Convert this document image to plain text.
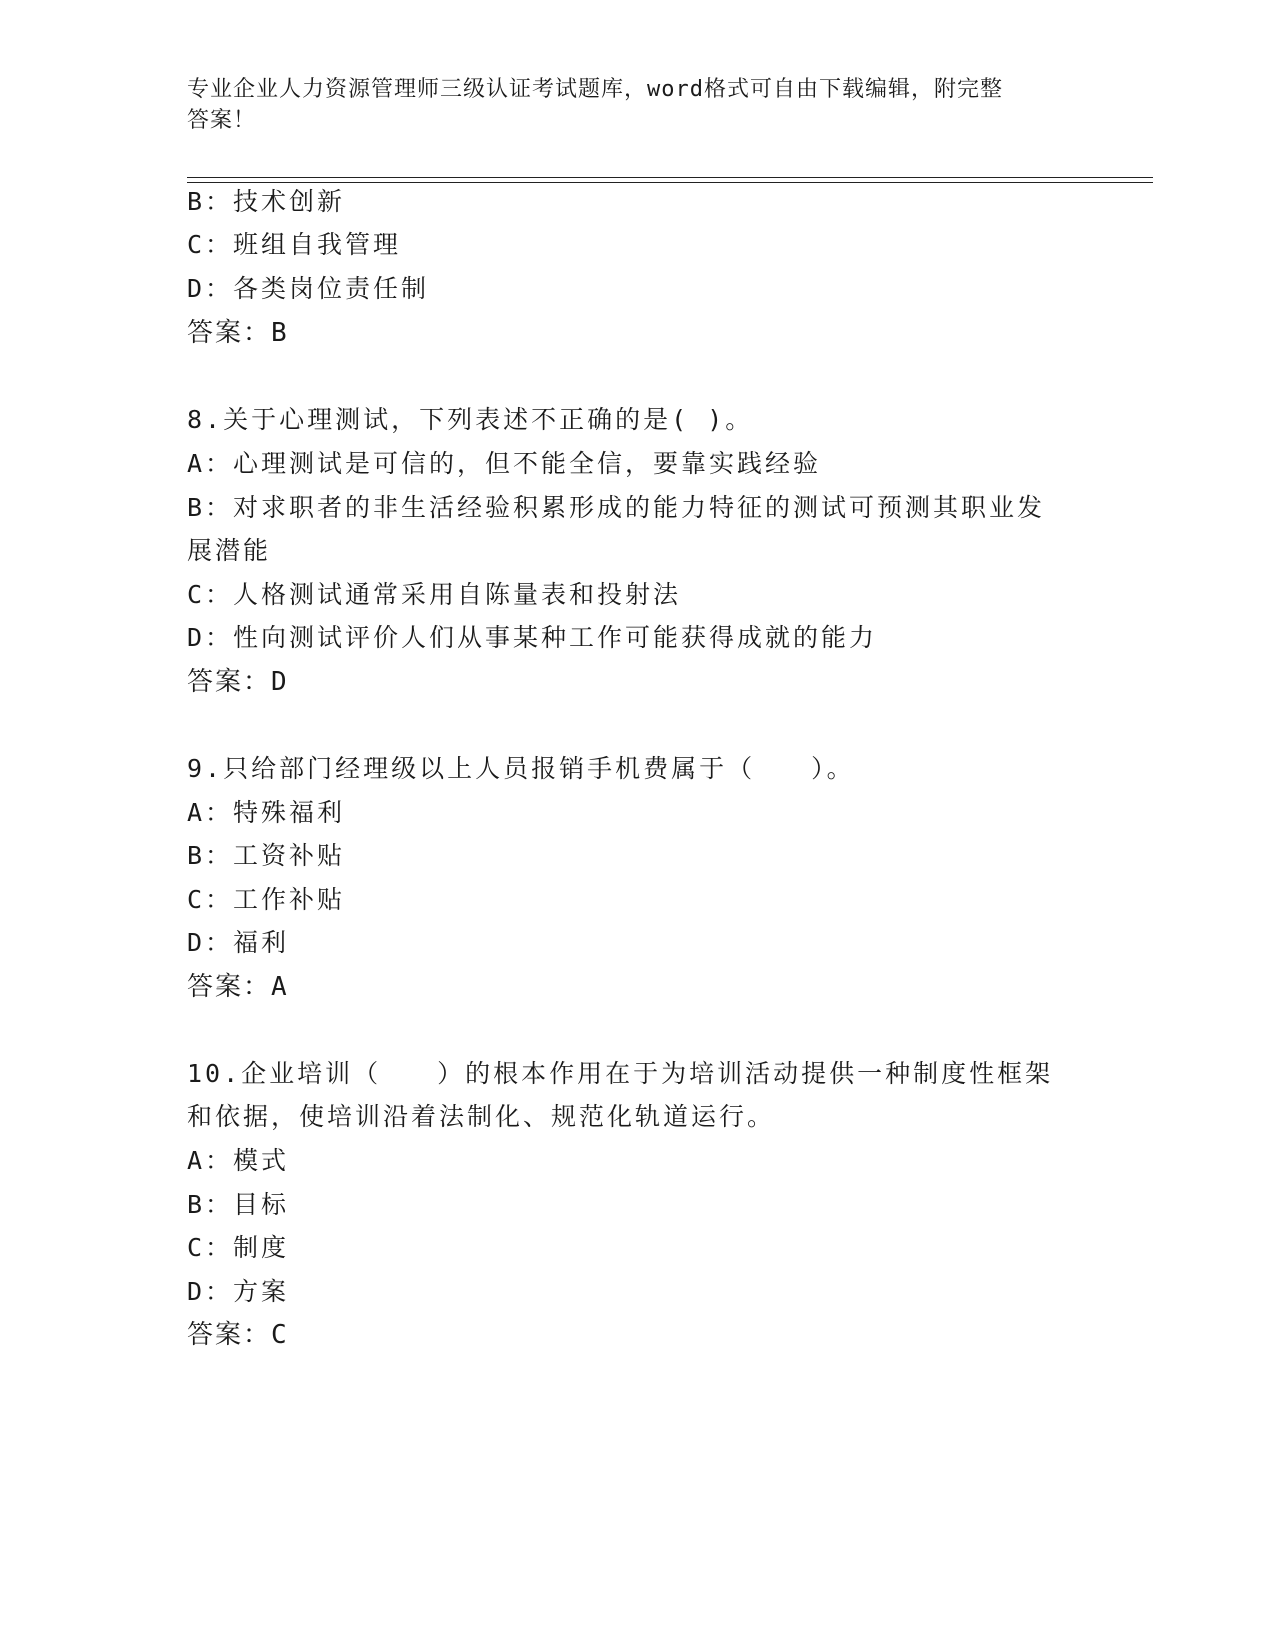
专业企业人力资源管理师三级认证考试题库，word格式可自由下载编辑，附完整
答案！
B：技术创新
C：班组自我管理
D：各类岗位责任制
答案：B
8.关于心理测试，下列表述不正确的是( )。
A：心理测试是可信的，但不能全信，要靠实践经验
B：对求职者的非生活经验积累形成的能力特征的测试可预测其职业发
展潜能
C：人格测试通常采用自陈量表和投射法
D：性向测试评价人们从事某种工作可能获得成就的能力
答案：D
9.只给部门经理级以上人员报销手机费属于（　　）。
A：特殊福利
B：工资补贴
C：工作补贴
D：福利
答案：A
10.企业培训（　　）的根本作用在于为培训活动提供一种制度性框架
和依据，使培训沿着法制化、规范化轨道运行。
A：模式
B：目标
C：制度
D：方案
答案：C
